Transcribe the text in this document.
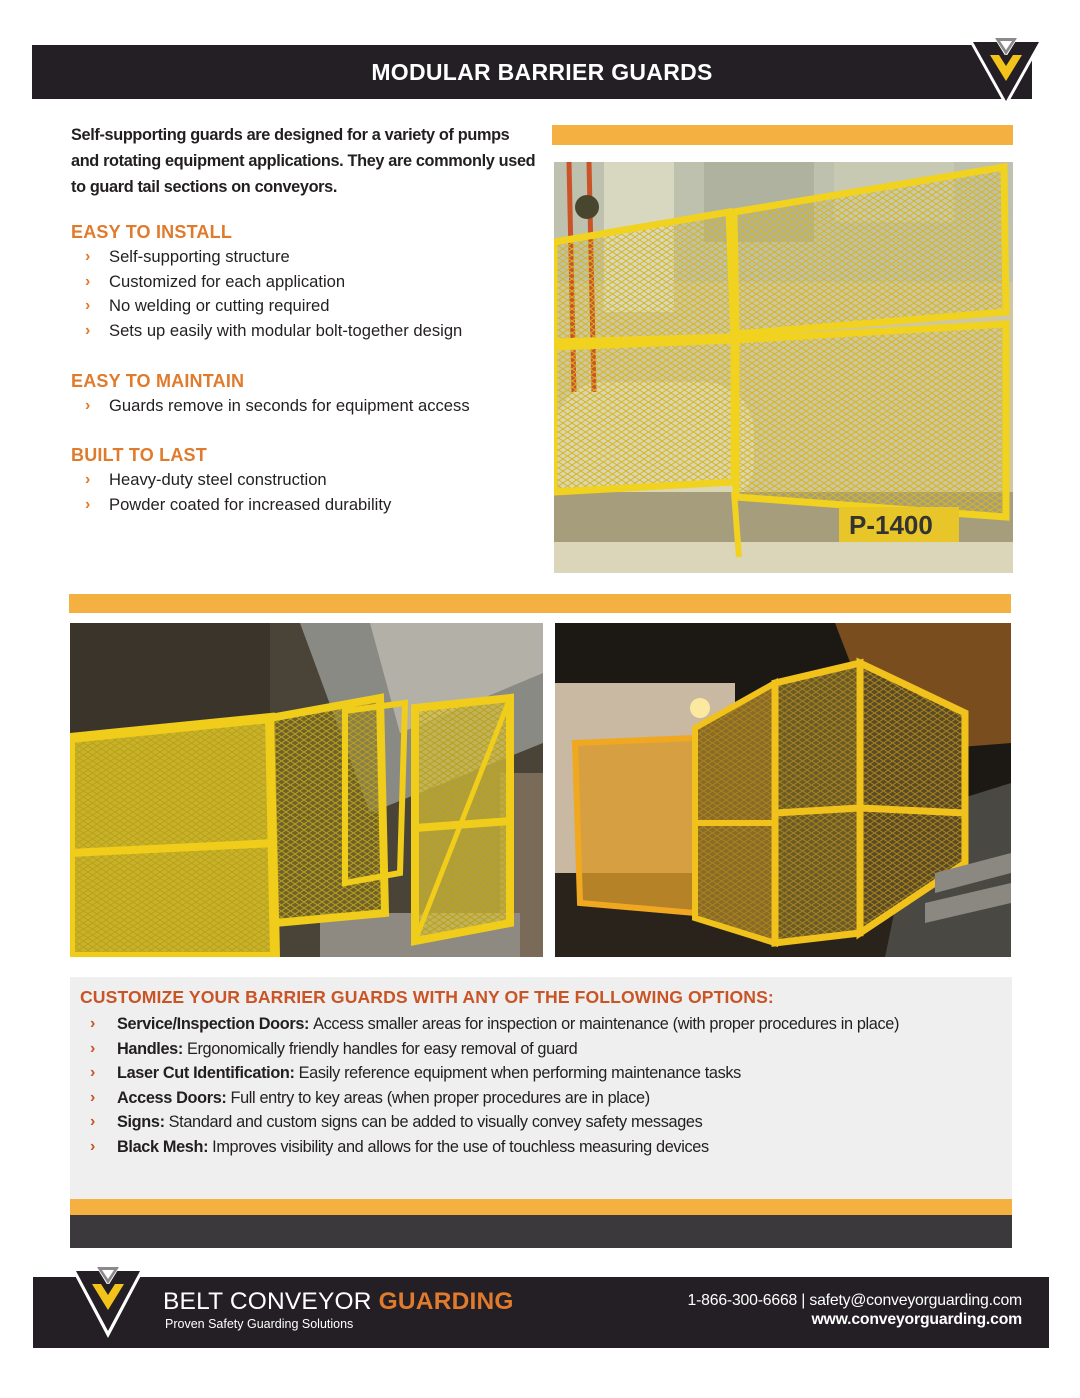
MODULAR BARRIER GUARDS

Self-supporting guards are designed for a variety of pumps and rotating equipment applications. They are commonly used to guard tail sections on conveyors.

EASY TO INSTALL
›	Self-supporting structure
›	Customized for each application
›	No welding or cutting required
›	Sets up easily with modular bolt-together design
EASY TO MAINTAIN
›	Guards remove in seconds for equipment access
BUILT TO LAST
›	Heavy-duty steel construction
›	Powder coated for increased durability
P-1400
CUSTOMIZE YOUR BARRIER GUARDS WITH ANY OF THE FOLLOWING OPTIONS:
›	Service/Inspection Doors: Access smaller areas for inspection or maintenance (with proper procedures in place)
›	Handles: Ergonomically friendly handles for easy removal of guard
›	Laser Cut Identification: Easily reference equipment when performing maintenance tasks
›	Access Doors: Full entry to key areas (when proper procedures are in place)
›	Signs: Standard and custom signs can be added to visually convey safety messages
›	Black Mesh: Improves visibility and allows for the use of touchless measuring devices
BELT CONVEYOR GUARDING
Proven Safety Guarding Solutions
1-866-300-6668 | safety@conveyorguarding.com
www.conveyorguarding.com
